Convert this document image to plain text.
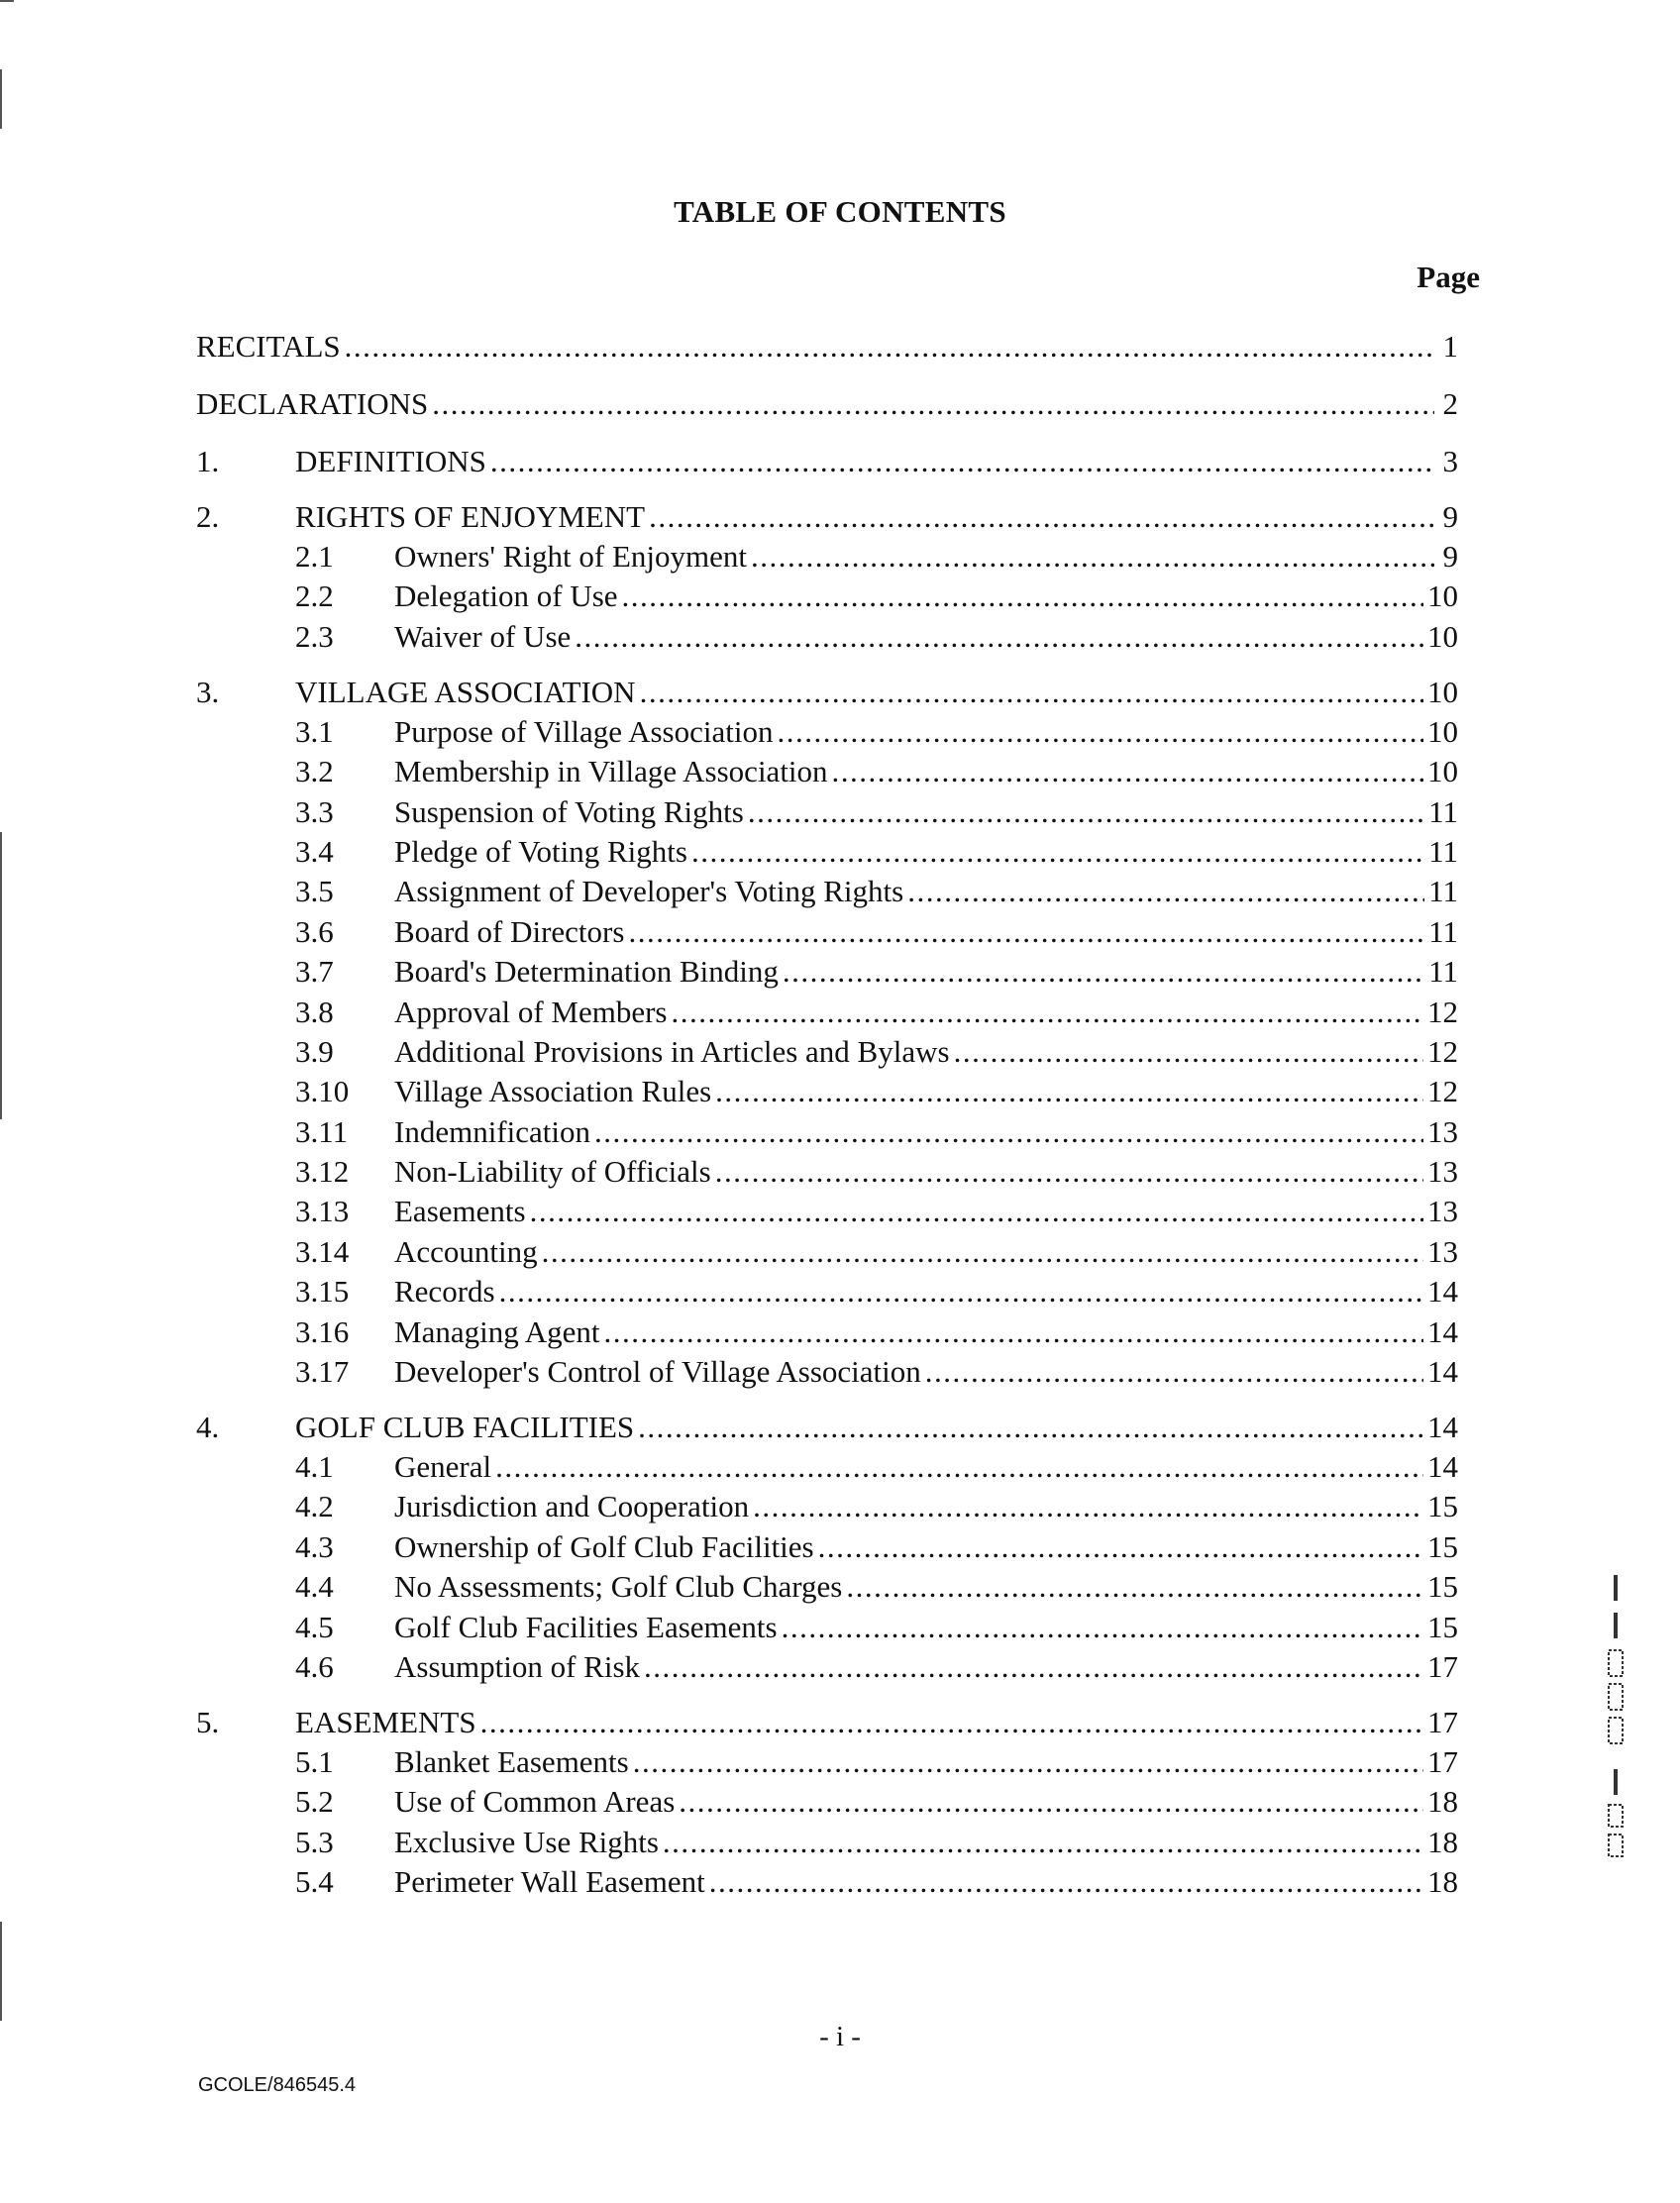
TABLE OF CONTENTS
Page
RECITALS .....	1
DECLARATIONS .....	2
1.	DEFINITIONS .....	3
2.	RIGHTS OF ENJOYMENT .....	9
2.1	Owners' Right of Enjoyment .....	9
2.2	Delegation of Use .....	10
2.3	Waiver of Use .....	10
3.	VILLAGE ASSOCIATION .....	10
3.1	Purpose of Village Association .....	10
3.2	Membership in Village Association .....	10
3.3	Suspension of Voting Rights .....	11
3.4	Pledge of Voting Rights .....	11
3.5	Assignment of Developer's Voting Rights .....	11
3.6	Board of Directors .....	11
3.7	Board's Determination Binding .....	11
3.8	Approval of Members .....	12
3.9	Additional Provisions in Articles and Bylaws .....	12
3.10	Village Association Rules .....	12
3.11	Indemnification .....	13
3.12	Non-Liability of Officials .....	13
3.13	Easements .....	13
3.14	Accounting .....	13
3.15	Records .....	14
3.16	Managing Agent .....	14
3.17	Developer's Control of Village Association .....	14
4.	GOLF CLUB FACILITIES .....	14
4.1	General .....	14
4.2	Jurisdiction and Cooperation .....	15
4.3	Ownership of Golf Club Facilities .....	15
4.4	No Assessments; Golf Club Charges .....	15
4.5	Golf Club Facilities Easements .....	15
4.6	Assumption of Risk .....	17
5.	EASEMENTS .....	17
5.1	Blanket Easements .....	17
5.2	Use of Common Areas .....	18
5.3	Exclusive Use Rights .....	18
5.4	Perimeter Wall Easement .....	18
- i -
GCOLE/846545.4
